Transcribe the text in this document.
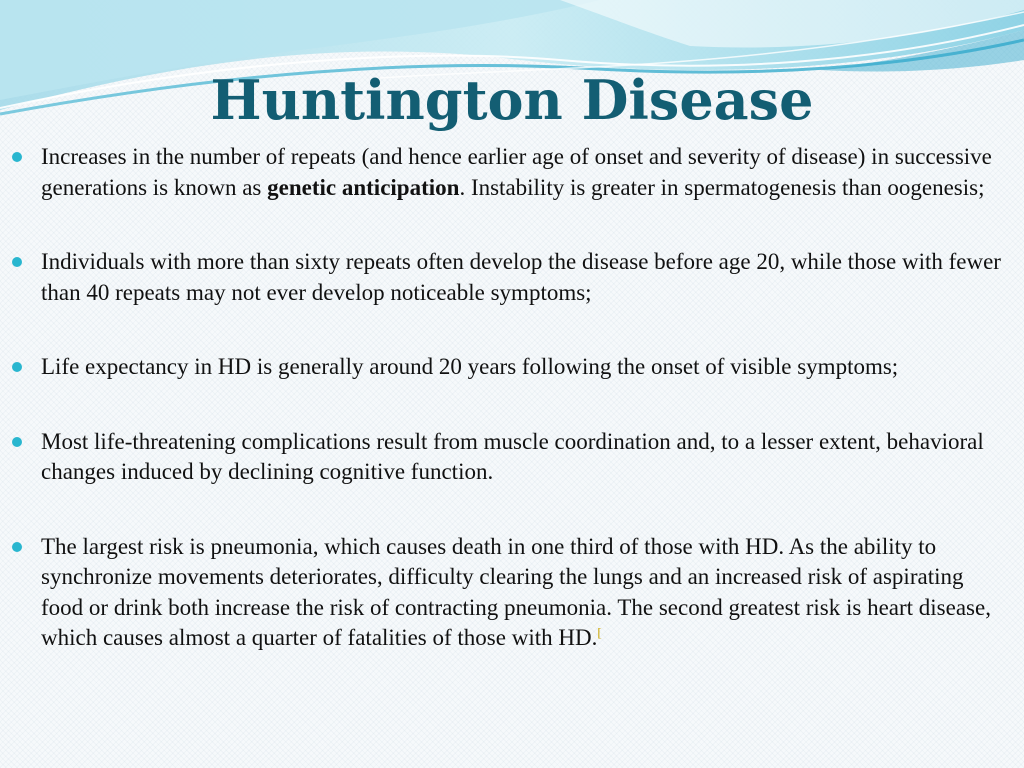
Huntington Disease
Increases in the number of repeats (and hence earlier age of onset and severity of disease) in successive generations is known as genetic anticipation. Instability is greater in spermatogenesis than oogenesis;
Individuals with more than sixty repeats often develop the disease before age 20, while those with fewer than 40 repeats may not ever develop noticeable symptoms;
Life expectancy in HD is generally around 20 years following the onset of visible symptoms;
Most life-threatening complications result from muscle coordination and, to a lesser extent, behavioral changes induced by declining cognitive function.
The largest risk is pneumonia, which causes death in one third of those with HD. As the ability to synchronize movements deteriorates, difficulty clearing the lungs and an increased risk of aspirating food or drink both increase the risk of contracting pneumonia. The second greatest risk is heart disease, which causes almost a quarter of fatalities of those with HD.[
